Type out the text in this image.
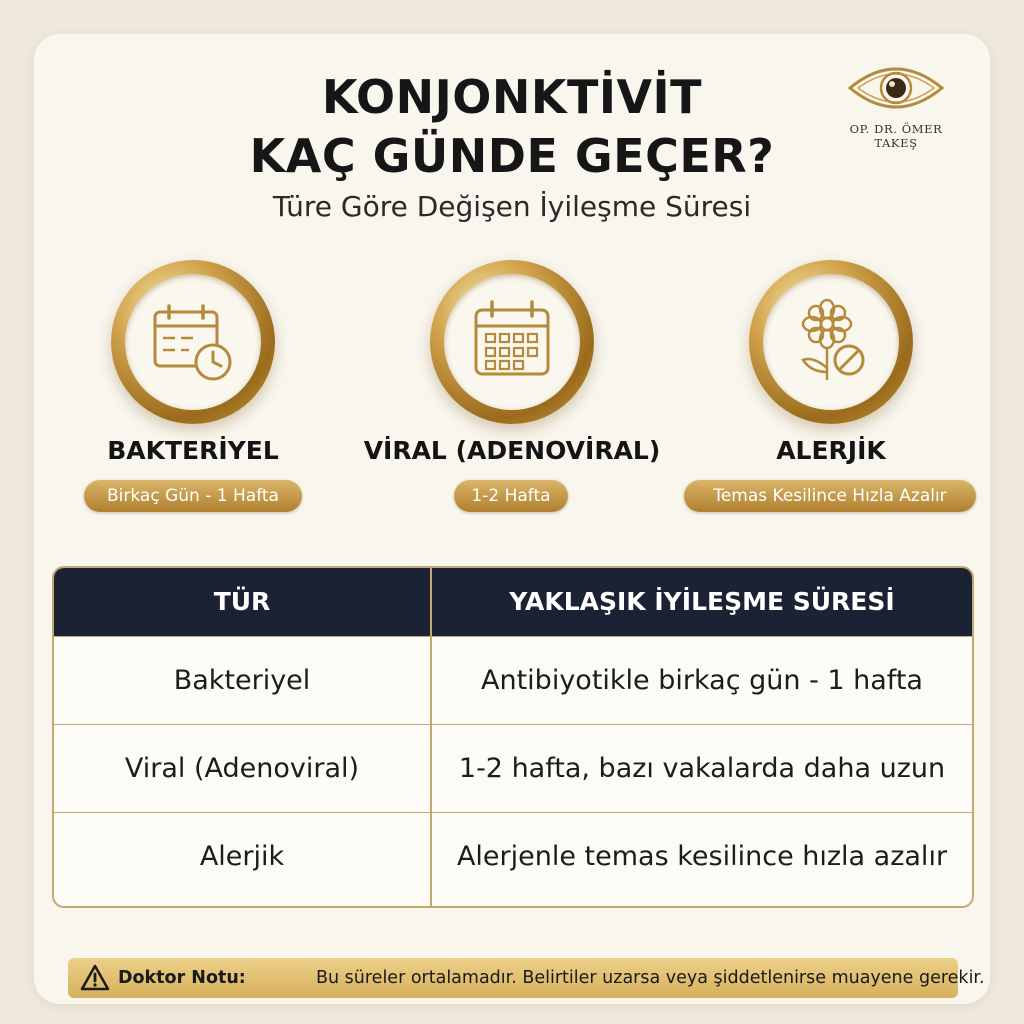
OP. DR. ÖMER TAKEŞ
KONJONKTİVİT
KAÇ GÜNDE GEÇER?
Türe Göre Değişen İyileşme Süresi
BAKTERİYEL	VİRAL (ADENOVİRAL)	ALERJİK
Birkaç Gün - 1 Hafta	1-2 Hafta	Temas Kesilince Hızla Azalır
TÜR	YAKLAŞIK İYİLEŞME SÜRESİ
Bakteriyel	Antibiyotikle birkaç gün - 1 hafta
Viral (Adenoviral)	1-2 hafta, bazı vakalarda daha uzun
Alerjik	Alerjenle temas kesilince hızla azalır
Doktor Notu:	Bu süreler ortalamadır. Belirtiler uzarsa veya şiddetlenirse muayene gerekir.
